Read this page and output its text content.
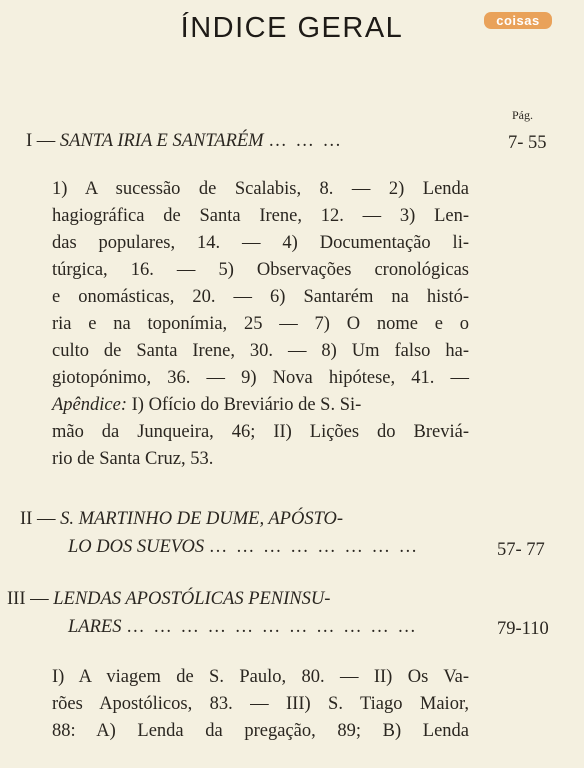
ÍNDICE GERAL	coisas
Pág.
I — SANTA IRIA E SANTARÉM … … …	7- 55
1) A sucessão de Scalabis, 8. — 2) Lenda
hagiográfica de Santa Irene, 12. — 3) Len-
das populares, 14. — 4) Documentação li-
túrgica, 16. — 5) Observações cronológicas
e onomásticas, 20. — 6) Santarém na histó-
ria e na toponímia, 25 — 7) O nome e o
culto de Santa Irene, 30. — 8) Um falso ha-
giotopónimo, 36. — 9) Nova hipótese, 41. —
Apêndice: I) Ofício do Breviário de S. Si-
mão da Junqueira, 46; II) Lições do Breviá-
rio de Santa Cruz, 53.
II — S. MARTINHO DE DUME, APÓSTO-
LO DOS SUEVOS … … … … … … … …	57- 77
III — LENDAS APOSTÓLICAS PENINSU-
LARES … … … … … … … … … … …	79-110
I) A viagem de S. Paulo, 80. — II) Os Va-
rões Apostólicos, 83. — III) S. Tiago Maior,
88: A) Lenda da pregação, 89; B) Lenda
